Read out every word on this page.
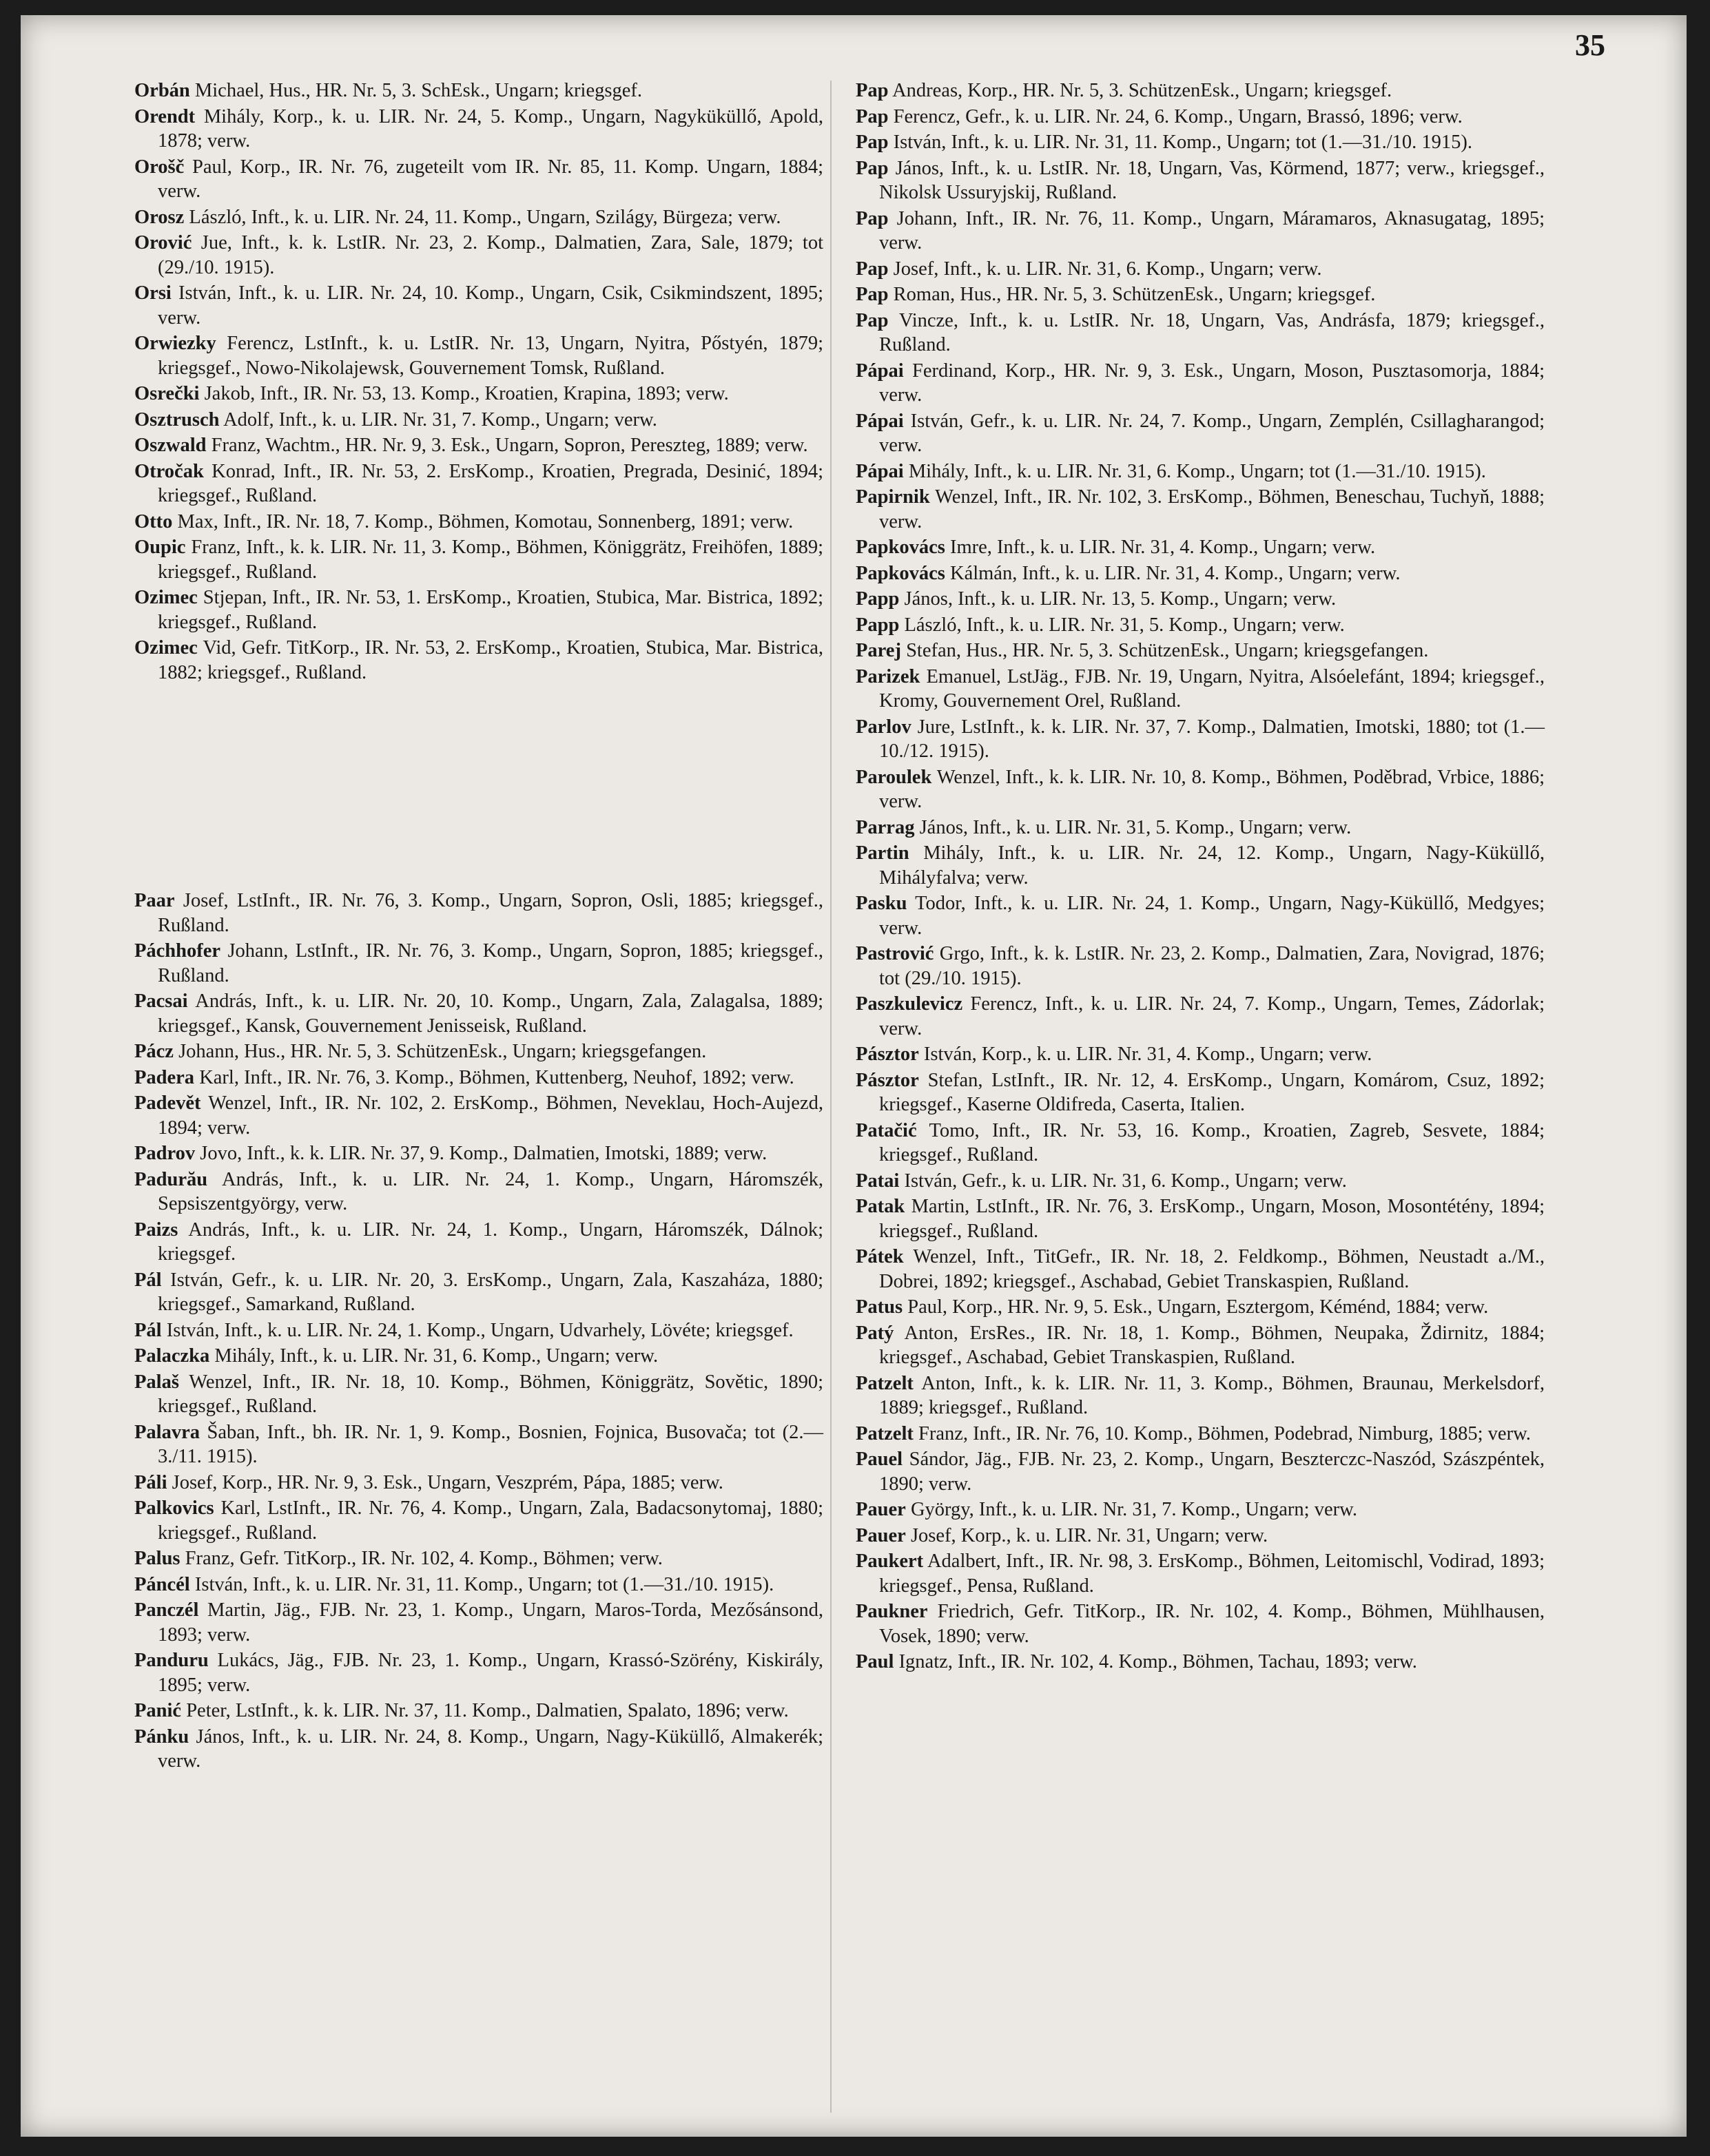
35

Orbán Michael, Hus., HR. Nr. 5, 3. SchEsk., Ungarn; kriegsgef.

Orendt Mihály, Korp., k. u. LIR. Nr. 24, 5. Komp., Ungarn, Nagyküküllő, Apold, 1878; verw.

Orošč Paul, Korp., IR. Nr. 76, zugeteilt vom IR. Nr. 85, 11. Komp. Ungarn, 1884; verw.

Orosz László, Inft., k. u. LIR. Nr. 24, 11. Komp., Ungarn, Szilágy, Bürgeza; verw.

Orović Jue, Inft., k. k. LstIR. Nr. 23, 2. Komp., Dalmatien, Zara, Sale, 1879; tot (29./10. 1915).

Orsi István, Inft., k. u. LIR. Nr. 24, 10. Komp., Ungarn, Csik, Csikmindszent, 1895; verw.

Orwiezky Ferencz, LstInft., k. u. LstIR. Nr. 13, Ungarn, Nyitra, Pőstyén, 1879; kriegsgef., Nowo-Nikolajewsk, Gouvernement Tomsk, Rußland.

Osrečki Jakob, Inft., IR. Nr. 53, 13. Komp., Kroatien, Krapina, 1893; verw.

Osztrusch Adolf, Inft., k. u. LIR. Nr. 31, 7. Komp., Ungarn; verw.

Oszwald Franz, Wachtm., HR. Nr. 9, 3. Esk., Ungarn, Sopron, Pereszteg, 1889; verw.

Otročak Konrad, Inft., IR. Nr. 53, 2. ErsKomp., Kroatien, Pregrada, Desinić, 1894; kriegsgef., Rußland.

Otto Max, Inft., IR. Nr. 18, 7. Komp., Böhmen, Komotau, Sonnenberg, 1891; verw.

Oupic Franz, Inft., k. k. LIR. Nr. 11, 3. Komp., Böhmen, Königgrätz, Freihöfen, 1889; kriegsgef., Rußland.

Ozimec Stjepan, Inft., IR. Nr. 53, 1. ErsKomp., Kroatien, Stubica, Mar. Bistrica, 1892; kriegsgef., Rußland.

Ozimec Vid, Gefr. TitKorp., IR. Nr. 53, 2. ErsKomp., Kroatien, Stubica, Mar. Bistrica, 1882; kriegsgef., Rußland.

Paar Josef, LstInft., IR. Nr. 76, 3. Komp., Ungarn, Sopron, Osli, 1885; kriegsgef., Rußland.

Páchhofer Johann, LstInft., IR. Nr. 76, 3. Komp., Ungarn, Sopron, 1885; kriegsgef., Rußland.

Pacsai András, Inft., k. u. LIR. Nr. 20, 10. Komp., Ungarn, Zala, Zalagalsa, 1889; kriegsgef., Kansk, Gouvernement Jenisseisk, Rußland.

Pácz Johann, Hus., HR. Nr. 5, 3. SchützenEsk., Ungarn; kriegsgefangen.

Padera Karl, Inft., IR. Nr. 76, 3. Komp., Böhmen, Kuttenberg, Neuhof, 1892; verw.

Padevět Wenzel, Inft., IR. Nr. 102, 2. ErsKomp., Böhmen, Neveklau, Hoch-Aujezd, 1894; verw.

Padrov Jovo, Inft., k. k. LIR. Nr. 37, 9. Komp., Dalmatien, Imotski, 1889; verw.

Padurău András, Inft., k. u. LIR. Nr. 24, 1. Komp., Ungarn, Háromszék, Sepsiszentgyörgy, verw.

Paizs András, Inft., k. u. LIR. Nr. 24, 1. Komp., Ungarn, Háromszék, Dálnok; kriegsgef.

Pál István, Gefr., k. u. LIR. Nr. 20, 3. ErsKomp., Ungarn, Zala, Kaszaháza, 1880; kriegsgef., Samarkand, Rußland.

Pál István, Inft., k. u. LIR. Nr. 24, 1. Komp., Ungarn, Udvarhely, Lövéte; kriegsgef.

Palaczka Mihály, Inft., k. u. LIR. Nr. 31, 6. Komp., Ungarn; verw.

Palaš Wenzel, Inft., IR. Nr. 18, 10. Komp., Böhmen, Königgrätz, Sovětic, 1890; kriegsgef., Rußland.

Palavra Šaban, Inft., bh. IR. Nr. 1, 9. Komp., Bosnien, Fojnica, Busovača; tot (2.—3./11. 1915).

Páli Josef, Korp., HR. Nr. 9, 3. Esk., Ungarn, Veszprém, Pápa, 1885; verw.

Palkovics Karl, LstInft., IR. Nr. 76, 4. Komp., Ungarn, Zala, Badacsonytomaj, 1880; kriegsgef., Rußland.

Palus Franz, Gefr. TitKorp., IR. Nr. 102, 4. Komp., Böhmen; verw.

Páncél István, Inft., k. u. LIR. Nr. 31, 11. Komp., Ungarn; tot (1.—31./10. 1915).

Panczél Martin, Jäg., FJB. Nr. 23, 1. Komp., Ungarn, Maros-Torda, Mezősánsond, 1893; verw.

Panduru Lukács, Jäg., FJB. Nr. 23, 1. Komp., Ungarn, Krassó-Szörény, Kiskirály, 1895; verw.

Panić Peter, LstInft., k. k. LIR. Nr. 37, 11. Komp., Dalmatien, Spalato, 1896; verw.

Pánku János, Inft., k. u. LIR. Nr. 24, 8. Komp., Ungarn, Nagy-Küküllő, Almakerék; verw.

Pap Andreas, Korp., HR. Nr. 5, 3. SchützenEsk., Ungarn; kriegsgef.

Pap Ferencz, Gefr., k. u. LIR. Nr. 24, 6. Komp., Ungarn, Brassó, 1896; verw.

Pap István, Inft., k. u. LIR. Nr. 31, 11. Komp., Ungarn; tot (1.—31./10. 1915).

Pap János, Inft., k. u. LstIR. Nr. 18, Ungarn, Vas, Körmend, 1877; verw., kriegsgef., Nikolsk Ussuryjskij, Rußland.

Pap Johann, Inft., IR. Nr. 76, 11. Komp., Ungarn, Máramaros, Aknasugatag, 1895; verw.

Pap Josef, Inft., k. u. LIR. Nr. 31, 6. Komp., Ungarn; verw.

Pap Roman, Hus., HR. Nr. 5, 3. SchützenEsk., Ungarn; kriegsgef.

Pap Vincze, Inft., k. u. LstIR. Nr. 18, Ungarn, Vas, Andrásfa, 1879; kriegsgef., Rußland.

Pápai Ferdinand, Korp., HR. Nr. 9, 3. Esk., Ungarn, Moson, Pusztasomorja, 1884; verw.

Pápai István, Gefr., k. u. LIR. Nr. 24, 7. Komp., Ungarn, Zemplén, Csillagharangod; verw.

Pápai Mihály, Inft., k. u. LIR. Nr. 31, 6. Komp., Ungarn; tot (1.—31./10. 1915).

Papirnik Wenzel, Inft., IR. Nr. 102, 3. ErsKomp., Böhmen, Beneschau, Tuchyň, 1888; verw.

Papkovács Imre, Inft., k. u. LIR. Nr. 31, 4. Komp., Ungarn; verw.

Papkovács Kálmán, Inft., k. u. LIR. Nr. 31, 4. Komp., Ungarn; verw.

Papp János, Inft., k. u. LIR. Nr. 13, 5. Komp., Ungarn; verw.

Papp László, Inft., k. u. LIR. Nr. 31, 5. Komp., Ungarn; verw.

Parej Stefan, Hus., HR. Nr. 5, 3. SchützenEsk., Ungarn; kriegsgefangen.

Parizek Emanuel, LstJäg., FJB. Nr. 19, Ungarn, Nyitra, Alsóelefánt, 1894; kriegsgef., Kromy, Gouvernement Orel, Rußland.

Parlov Jure, LstInft., k. k. LIR. Nr. 37, 7. Komp., Dalmatien, Imotski, 1880; tot (1.—10./12. 1915).

Paroulek Wenzel, Inft., k. k. LIR. Nr. 10, 8. Komp., Böhmen, Poděbrad, Vrbice, 1886; verw.

Parrag János, Inft., k. u. LIR. Nr. 31, 5. Komp., Ungarn; verw.

Partin Mihály, Inft., k. u. LIR. Nr. 24, 12. Komp., Ungarn, Nagy-Küküllő, Mihályfalva; verw.

Pasku Todor, Inft., k. u. LIR. Nr. 24, 1. Komp., Ungarn, Nagy-Küküllő, Medgyes; verw.

Pastrović Grgo, Inft., k. k. LstIR. Nr. 23, 2. Komp., Dalmatien, Zara, Novigrad, 1876; tot (29./10. 1915).

Paszkulevicz Ferencz, Inft., k. u. LIR. Nr. 24, 7. Komp., Ungarn, Temes, Zádorlak; verw.

Pásztor István, Korp., k. u. LIR. Nr. 31, 4. Komp., Ungarn; verw.

Pásztor Stefan, LstInft., IR. Nr. 12, 4. ErsKomp., Ungarn, Komárom, Csuz, 1892; kriegsgef., Kaserne Oldifreda, Caserta, Italien.

Patačić Tomo, Inft., IR. Nr. 53, 16. Komp., Kroatien, Zagreb, Sesvete, 1884; kriegsgef., Rußland.

Patai István, Gefr., k. u. LIR. Nr. 31, 6. Komp., Ungarn; verw.

Patak Martin, LstInft., IR. Nr. 76, 3. ErsKomp., Ungarn, Moson, Mosontétény, 1894; kriegsgef., Rußland.

Pátek Wenzel, Inft., TitGefr., IR. Nr. 18, 2. Feldkomp., Böhmen, Neustadt a./M., Dobrei, 1892; kriegsgef., Aschabad, Gebiet Transkaspien, Rußland.

Patus Paul, Korp., HR. Nr. 9, 5. Esk., Ungarn, Esztergom, Kéménd, 1884; verw.

Patý Anton, ErsRes., IR. Nr. 18, 1. Komp., Böhmen, Neupaka, Ždirnitz, 1884; kriegsgef., Aschabad, Gebiet Transkaspien, Rußland.

Patzelt Anton, Inft., k. k. LIR. Nr. 11, 3. Komp., Böhmen, Braunau, Merkelsdorf, 1889; kriegsgef., Rußland.

Patzelt Franz, Inft., IR. Nr. 76, 10. Komp., Böhmen, Podebrad, Nimburg, 1885; verw.

Pauel Sándor, Jäg., FJB. Nr. 23, 2. Komp., Ungarn, Beszterczc-Naszód, Szászpéntek, 1890; verw.

Pauer György, Inft., k. u. LIR. Nr. 31, 7. Komp., Ungarn; verw.

Pauer Josef, Korp., k. u. LIR. Nr. 31, Ungarn; verw.

Paukert Adalbert, Inft., IR. Nr. 98, 3. ErsKomp., Böhmen, Leitomischl, Vodirad, 1893; kriegsgef., Pensa, Rußland.

Paukner Friedrich, Gefr. TitKorp., IR. Nr. 102, 4. Komp., Böhmen, Mühlhausen, Vosek, 1890; verw.

Paul Ignatz, Inft., IR. Nr. 102, 4. Komp., Böhmen, Tachau, 1893; verw.
